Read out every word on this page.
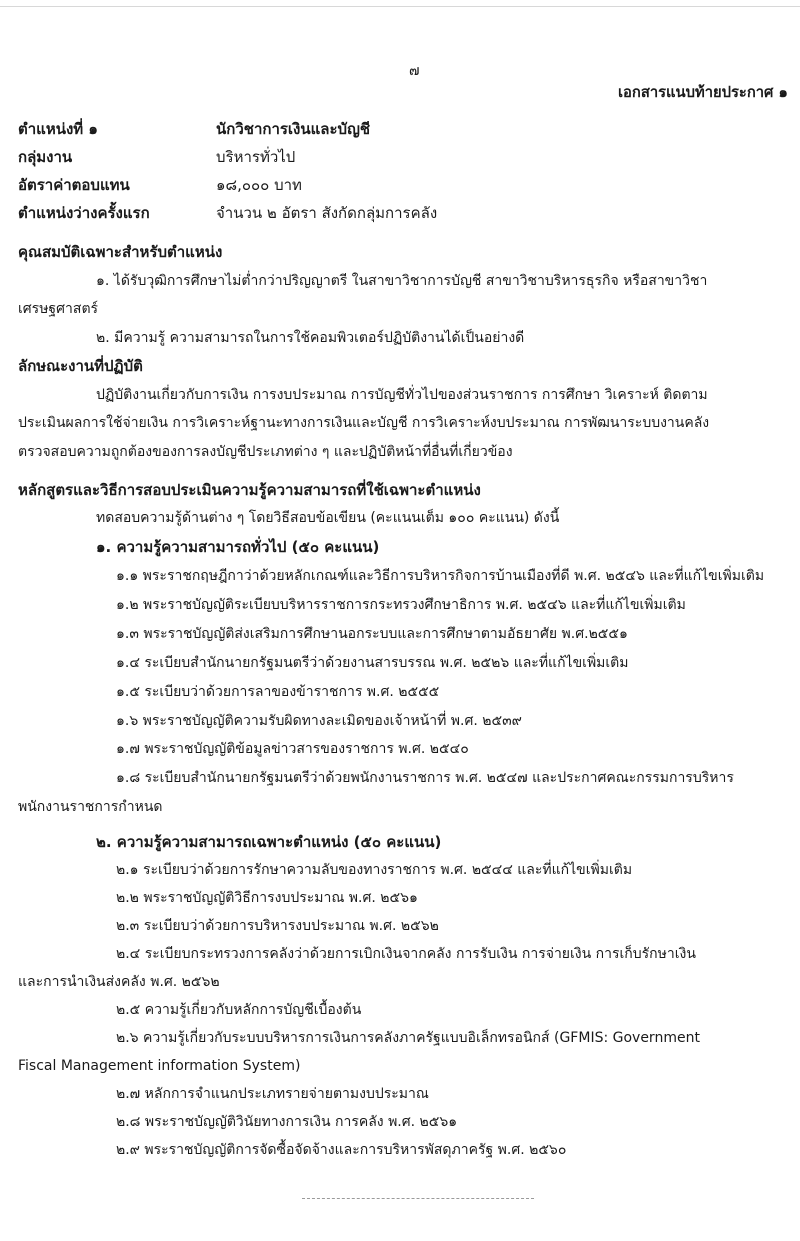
๗
เอกสารแนบท้ายประกาศ ๑
ตำแหน่งที่ ๑	นักวิชาการเงินและบัญชี
กลุ่มงาน	บริหารทั่วไป
อัตราค่าตอบแทน	๑๘,๐๐๐ บาท
ตำแหน่งว่างครั้งแรก	จำนวน ๒ อัตรา สังกัดกลุ่มการคลัง
คุณสมบัติเฉพาะสำหรับตำแหน่ง
๑. ได้รับวุฒิการศึกษาไม่ต่ำกว่าปริญญาตรี ในสาขาวิชาการบัญชี สาขาวิชาบริหารธุรกิจ หรือสาขาวิชา
เศรษฐศาสตร์
๒. มีความรู้ ความสามารถในการใช้คอมพิวเตอร์ปฏิบัติงานได้เป็นอย่างดี
ลักษณะงานที่ปฏิบัติ
ปฏิบัติงานเกี่ยวกับการเงิน การงบประมาณ การบัญชีทั่วไปของส่วนราชการ การศึกษา วิเคราะห์ ติดตาม
ประเมินผลการใช้จ่ายเงิน การวิเคราะห์ฐานะทางการเงินและบัญชี การวิเคราะห์งบประมาณ การพัฒนาระบบงานคลัง
ตรวจสอบความถูกต้องของการลงบัญชีประเภทต่าง ๆ และปฏิบัติหน้าที่อื่นที่เกี่ยวข้อง
หลักสูตรและวิธีการสอบประเมินความรู้ความสามารถที่ใช้เฉพาะตำแหน่ง
ทดสอบความรู้ด้านต่าง ๆ โดยวิธีสอบข้อเขียน (คะแนนเต็ม ๑๐๐ คะแนน) ดังนี้
๑. ความรู้ความสามารถทั่วไป (๕๐ คะแนน)
๑.๑ พระราชกฤษฎีกาว่าด้วยหลักเกณฑ์และวิธีการบริหารกิจการบ้านเมืองที่ดี พ.ศ. ๒๕๔๖ และที่แก้ไขเพิ่มเติม
๑.๒ พระราชบัญญัติระเบียบบริหารราชการกระทรวงศึกษาธิการ พ.ศ. ๒๕๔๖ และที่แก้ไขเพิ่มเติม
๑.๓ พระราชบัญญัติส่งเสริมการศึกษานอกระบบและการศึกษาตามอัธยาศัย พ.ศ.๒๕๕๑
๑.๔ ระเบียบสำนักนายกรัฐมนตรีว่าด้วยงานสารบรรณ พ.ศ. ๒๕๒๖ และที่แก้ไขเพิ่มเติม
๑.๕ ระเบียบว่าด้วยการลาของข้าราชการ พ.ศ. ๒๕๕๕
๑.๖ พระราชบัญญัติความรับผิดทางละเมิดของเจ้าหน้าที่ พ.ศ. ๒๕๓๙
๑.๗ พระราชบัญญัติข้อมูลข่าวสารของราชการ พ.ศ. ๒๕๔๐
๑.๘ ระเบียบสำนักนายกรัฐมนตรีว่าด้วยพนักงานราชการ พ.ศ. ๒๕๔๗ และประกาศคณะกรรมการบริหาร
พนักงานราชการกำหนด
๒. ความรู้ความสามารถเฉพาะตำแหน่ง (๕๐ คะแนน)
๒.๑ ระเบียบว่าด้วยการรักษาความลับของทางราชการ พ.ศ. ๒๕๔๔ และที่แก้ไขเพิ่มเติม
๒.๒ พระราชบัญญัติวิธีการงบประมาณ พ.ศ. ๒๕๖๑
๒.๓ ระเบียบว่าด้วยการบริหารงบประมาณ พ.ศ. ๒๕๖๒
๒.๔ ระเบียบกระทรวงการคลังว่าด้วยการเบิกเงินจากคลัง การรับเงิน การจ่ายเงิน การเก็บรักษาเงิน
และการนำเงินส่งคลัง พ.ศ. ๒๕๖๒
๒.๕ ความรู้เกี่ยวกับหลักการบัญชีเบื้องต้น
๒.๖ ความรู้เกี่ยวกับระบบบริหารการเงินการคลังภาครัฐแบบอิเล็กทรอนิกส์ (GFMIS: Government
Fiscal Management information System)
๒.๗ หลักการจำแนกประเภทรายจ่ายตามงบประมาณ
๒.๘ พระราชบัญญัติวินัยทางการเงิน การคลัง พ.ศ. ๒๕๖๑
๒.๙ พระราชบัญญัติการจัดซื้อจัดจ้างและการบริหารพัสดุภาครัฐ พ.ศ. ๒๕๖๐
